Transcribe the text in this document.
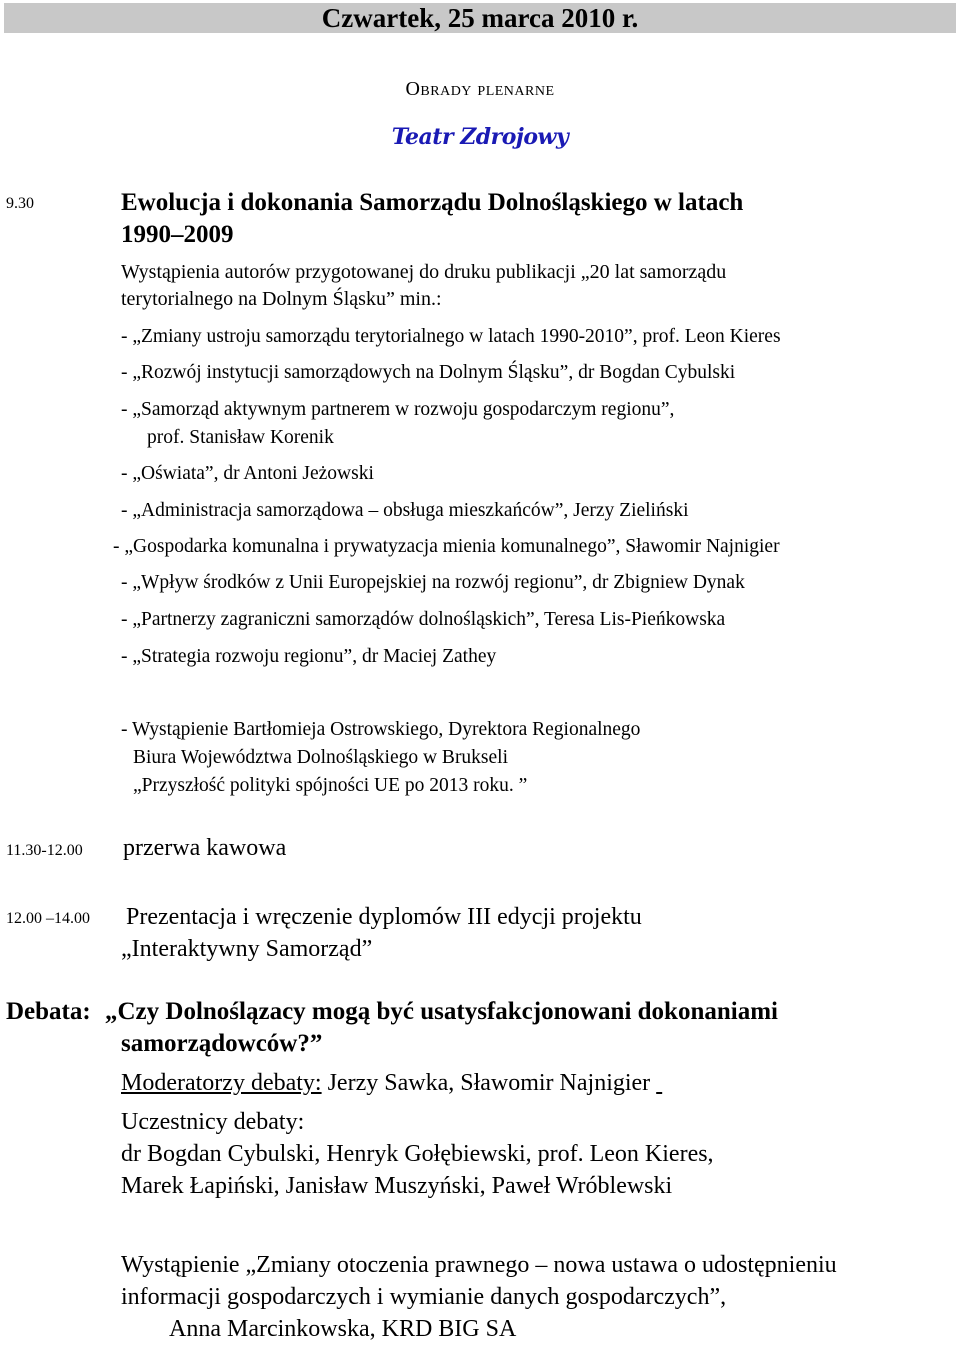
Czwartek, 25 marca 2010 r.
Obrady plenarne
Teatr Zdrojowy
9.30	Ewolucja i dokonania Samorządu Dolnośląskiego w latach
1990–2009
Wystąpienia autorów przygotowanej do druku publikacji „20 lat samorządu
terytorialnego na Dolnym Śląsku” min.:
- „Zmiany ustroju samorządu terytorialnego w latach 1990-2010”, prof. Leon Kieres
- „Rozwój instytucji samorządowych na Dolnym Śląsku”, dr Bogdan Cybulski
- „Samorząd aktywnym partnerem w rozwoju gospodarczym regionu”,
prof. Stanisław Korenik
- „Oświata”, dr Antoni Jeżowski
- „Administracja samorządowa – obsługa mieszkańców”, Jerzy Zieliński
- „Gospodarka komunalna i prywatyzacja mienia komunalnego”, Sławomir Najnigier
- „Wpływ środków z Unii Europejskiej na rozwój regionu”, dr Zbigniew Dynak
- „Partnerzy zagraniczni samorządów dolnośląskich”, Teresa Lis-Pieńkowska
- „Strategia rozwoju regionu”, dr Maciej Zathey
- Wystąpienie Bartłomieja Ostrowskiego, Dyrektora Regionalnego
Biura Województwa Dolnośląskiego w Brukseli
„Przyszłość polityki spójności UE po 2013 roku. ”
11.30-12.00 przerwa kawowa
12.00 –14.00 Prezentacja i wręczenie dyplomów III edycji projektu
„Interaktywny Samorząd”
Debata: „Czy Dolnoślązacy mogą być usatysfakcjonowani dokonaniami
samorządowców?”
Moderatorzy debaty: Jerzy Sawka, Sławomir Najnigier
Uczestnicy debaty:
dr Bogdan Cybulski, Henryk Gołębiewski, prof. Leon Kieres,
Marek Łapiński, Janisław Muszyński, Paweł Wróblewski
Wystąpienie „Zmiany otoczenia prawnego – nowa ustawa o udostępnieniu
informacji gospodarczych i wymianie danych gospodarczych”,
Anna Marcinkowska, KRD BIG SA
